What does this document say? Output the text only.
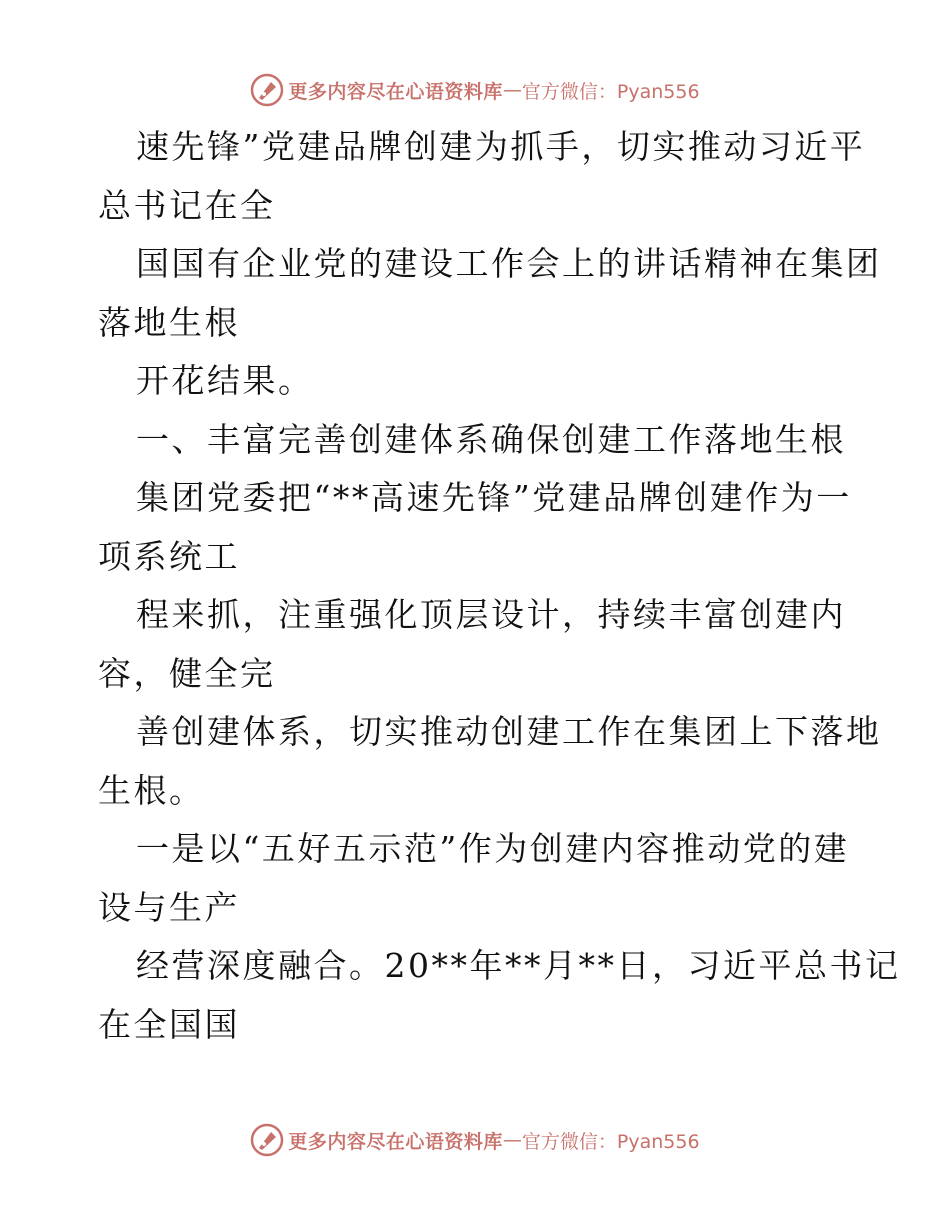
更多内容尽在心语资料库 — 官方微信：Pyan556
速先锋”党建品牌创建为抓手，切实推动习近平
总书记在全
国国有企业党的建设工作会上的讲话精神在集团
落地生根
开花结果。
一、丰富完善创建体系确保创建工作落地生根
集团党委把“**高速先锋”党建品牌创建作为一
项系统工
程来抓，注重强化顶层设计，持续丰富创建内
容，健全完
善创建体系，切实推动创建工作在集团上下落地
生根。
一是以“五好五示范”作为创建内容推动党的建
设与生产
经营深度融合。20**年**月**日，习近平总书记
在全国国
更多内容尽在心语资料库 — 官方微信：Pyan556
